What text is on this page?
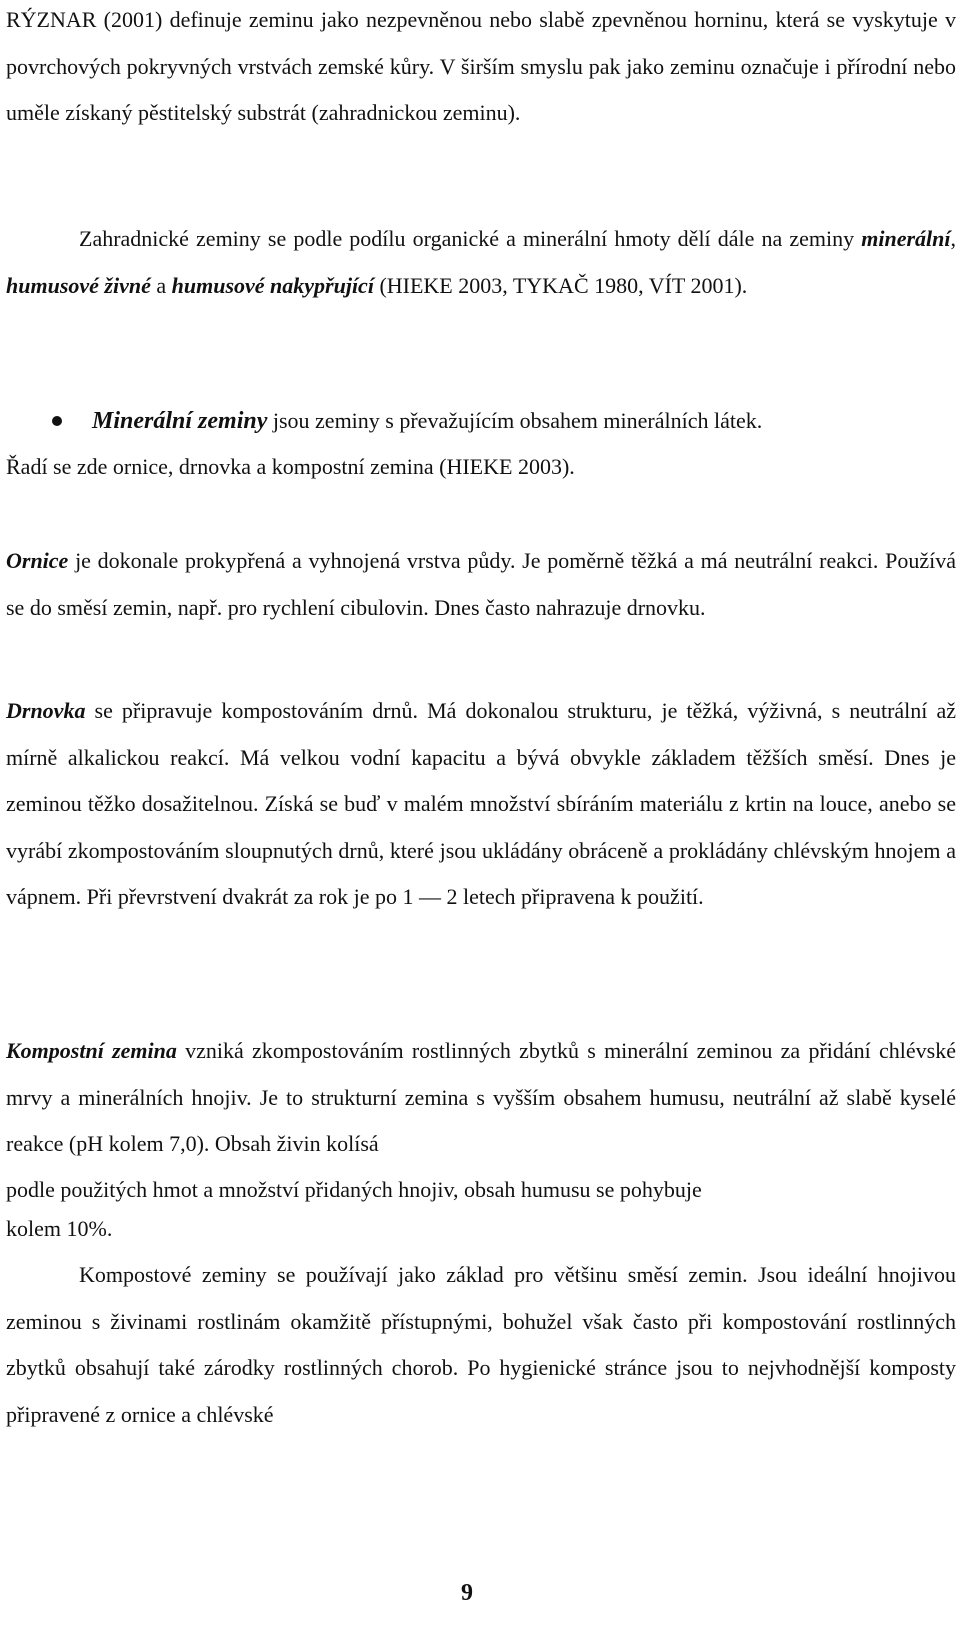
RÝZNAR (2001) definuje zeminu jako nezpevněnou nebo slabě zpevněnou horninu, která se vyskytuje v povrchových pokryvných vrstvách zemské kůry. V širším smyslu pak jako zeminu označuje i přírodní nebo uměle získaný pěstitelský substrát (zahradnickou zeminu).

Zahradnické zeminy se podle podílu organické a minerální hmoty dělí dále na zeminy minerální, humusové živné a humusové nakypřující (HIEKE 2003, TYKAČ 1980, VÍT 2001).

Minerální zeminy jsou zeminy s převažujícím obsahem minerálních látek.

Řadí se zde ornice, drnovka a kompostní zemina (HIEKE 2003).

Ornice je dokonale prokypřená a vyhnojená vrstva půdy. Je poměrně těžká a má neutrální reakci. Používá se do směsí zemin, např. pro rychlení cibulovin. Dnes často nahrazuje drnovku.

Drnovka se připravuje kompostováním drnů. Má dokonalou strukturu, je těžká, výživná, s neutrální až mírně alkalickou reakcí. Má velkou vodní kapacitu a bývá obvykle základem těžších směsí. Dnes je zeminou těžko dosažitelnou. Získá se buď v malém množství sbíráním materiálu z krtin na louce, anebo se vyrábí zkompostováním sloupnutých drnů, které jsou ukládány obráceně a prokládány chlévským hnojem a vápnem. Při převrstvení dvakrát za rok je po 1 — 2 letech připravena k použití.

Kompostní zemina vzniká zkompostováním rostlinných zbytků s minerální zeminou za přidání chlévské mrvy a minerálních hnojiv. Je to strukturní zemina s vyšším obsahem humusu, neutrální až slabě kyselé reakce (pH kolem 7,0). Obsah živin kolísá

podle použitých hmot a množství přidaných hnojiv, obsah humusu se pohybuje

kolem 10%.

Kompostové zeminy se používají jako základ pro většinu směsí zemin. Jsou ideální hnojivou zeminou s živinami rostlinám okamžitě přístupnými, bohužel však často při kompostování rostlinných zbytků obsahují také zárodky rostlinných chorob. Po hygienické stránce jsou to nejvhodnější komposty připravené z ornice a chlévské

9
